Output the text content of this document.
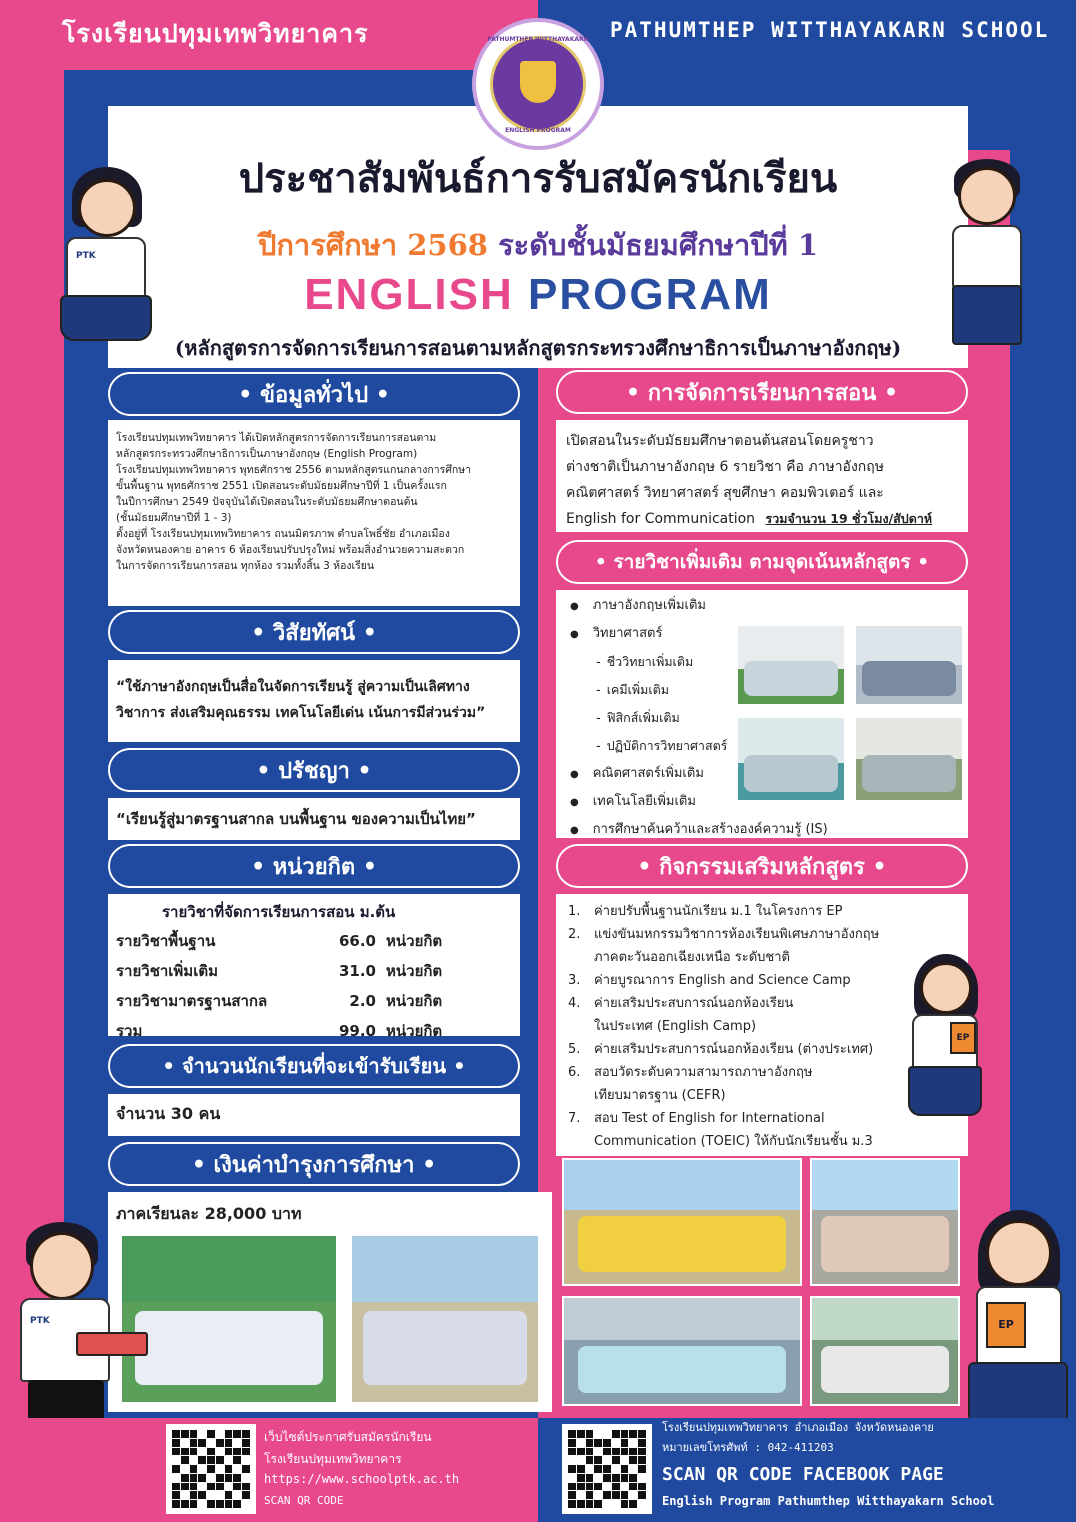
โรงเรียนปทุมเทพวิทยาคาร	PATHUMTHEP WITTHAYAKARN SCHOOL
ประชาสัมพันธ์การรับสมัครนักเรียน
ปีการศึกษา 2568 ระดับชั้นมัธยมศึกษาปีที่ 1
ENGLISH PROGRAM
(หลักสูตรการจัดการเรียนการสอนตามหลักสูตรกระทรวงศึกษาธิการเป็นภาษาอังกฤษ)
PATHUMTHEP WITTHAYAKARN SCHOOL
ENGLISH PROGRAM
PTK
• ข้อมูลทั่วไป •
โรงเรียนปทุมเทพวิทยาคาร ได้เปิดหลักสูตรการจัดการเรียนการสอนตาม
หลักสูตรกระทรวงศึกษาธิการเป็นภาษาอังกฤษ (English Program)
โรงเรียนปทุมเทพวิทยาคาร พุทธศักราช 2556 ตามหลักสูตรแกนกลางการศึกษา
ขั้นพื้นฐาน พุทธศักราช 2551 เปิดสอนระดับมัธยมศึกษาปีที่ 1 เป็นครั้งแรก
ในปีการศึกษา 2549 ปัจจุบันได้เปิดสอนในระดับมัธยมศึกษาตอนต้น
(ชั้นมัธยมศึกษาปีที่ 1 - 3)
ตั้งอยู่ที่ โรงเรียนปทุมเทพวิทยาคาร ถนนมิตรภาพ ตำบลโพธิ์ชัย อำเภอเมือง
จังหวัดหนองคาย อาคาร 6 ห้องเรียนปรับปรุงใหม่ พร้อมสิ่งอำนวยความสะดวก
ในการจัดการเรียนการสอน ทุกห้อง รวมทั้งสิ้น 3 ห้องเรียน
• วิสัยทัศน์ •
“ใช้ภาษาอังกฤษเป็นสื่อในจัดการเรียนรู้ สู่ความเป็นเลิศทาง
วิชาการ ส่งเสริมคุณธรรม เทคโนโลยีเด่น เน้นการมีส่วนร่วม”
• ปรัชญา •
“เรียนรู้สู่มาตรฐานสากล บนพื้นฐาน ของความเป็นไทย”
• หน่วยกิต •
รายวิชาที่จัดการเรียนการสอน ม.ต้น
รายวิชาพื้นฐาน	66.0	หน่วยกิต
รายวิชาเพิ่มเติม	31.0	หน่วยกิต
รายวิชามาตรฐานสากล	2.0	หน่วยกิต
รวม	99.0	หน่วยกิต
• จำนวนนักเรียนที่จะเข้ารับเรียน •
จำนวน 30 คน
• เงินค่าบำรุงการศึกษา •
ภาคเรียนละ 28,000 บาท
• การจัดการเรียนการสอน •
เปิดสอนในระดับมัธยมศึกษาตอนต้นสอนโดยครูชาว
ต่างชาติเป็นภาษาอังกฤษ 6 รายวิชา คือ ภาษาอังกฤษ
คณิตศาสตร์ วิทยาศาสตร์ สุขศึกษา คอมพิวเตอร์ และ
English for Communication รวมจำนวน 19 ชั่วโมง/สัปดาห์
• รายวิชาเพิ่มเติม ตามจุดเน้นหลักสูตร •
● ภาษาอังกฤษเพิ่มเติม
● วิทยาศาสตร์
- ชีววิทยาเพิ่มเติม
- เคมีเพิ่มเติม
- ฟิสิกส์เพิ่มเติม
- ปฏิบัติการวิทยาศาสตร์
● คณิตศาสตร์เพิ่มเติม
● เทคโนโลยีเพิ่มเติม
● การศึกษาค้นคว้าและสร้างองค์ความรู้ (IS)
• กิจกรรมเสริมหลักสูตร •
1.	ค่ายปรับพื้นฐานนักเรียน ม.1 ในโครงการ EP
2.	แข่งขันมหกรรมวิชาการห้องเรียนพิเศษภาษาอังกฤษ
ภาคตะวันออกเฉียงเหนือ ระดับชาติ
3.	ค่ายบูรณาการ English and Science Camp
4.	ค่ายเสริมประสบการณ์นอกห้องเรียน
ในประเทศ (English Camp)
5.	ค่ายเสริมประสบการณ์นอกห้องเรียน (ต่างประเทศ)
6.	สอบวัดระดับความสามารถภาษาอังกฤษ
เทียบมาตรฐาน (CEFR)
7.	สอบ Test of English for International
Communication (TOEIC) ให้กับนักเรียนชั้น ม.3
EP
PTK	EP
เว็บไซต์ประกาศรับสมัครนักเรียน
โรงเรียนปทุมเทพวิทยาคาร
https://www.schoolptk.ac.th
SCAN QR CODE
โรงเรียนปทุมเทพวิทยาคาร อำเภอเมือง จังหวัดหนองคาย
หมายเลขโทรศัพท์ : 042-411203
SCAN QR CODE FACEBOOK PAGE
English Program Pathumthep Witthayakarn School
